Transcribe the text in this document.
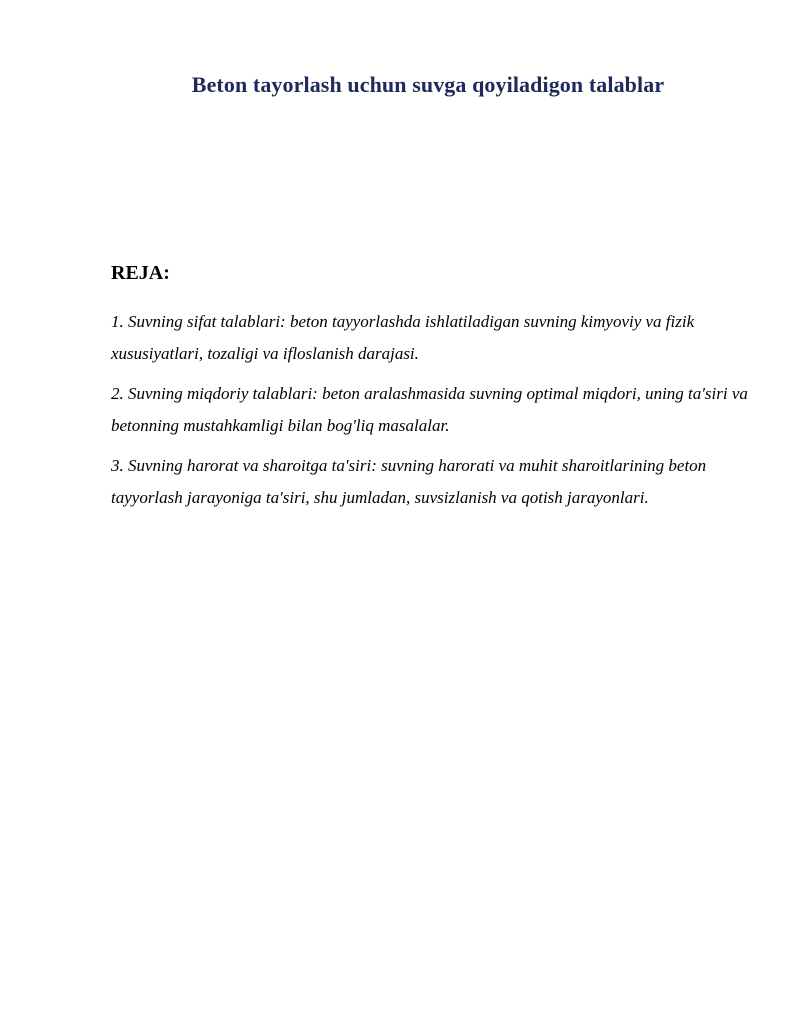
Beton tayorlash uchun suvga qoyiladigon talablar
REJA:
1. Suvning sifat talablari: beton tayyorlashda ishlatiladigan suvning kimyoviy va fizik xususiyatlari, tozaligi va ifloslanish darajasi.
2. Suvning miqdoriy talablari: beton aralashmasida suvning optimal miqdori, uning ta'siri va betonning mustahkamligi bilan bog'liq masalalar.
3. Suvning harorat va sharoitga ta'siri: suvning harorati va muhit sharoitlarining beton tayyorlash jarayoniga ta'siri, shu jumladan, suvsizlanish va qotish jarayonlari.
